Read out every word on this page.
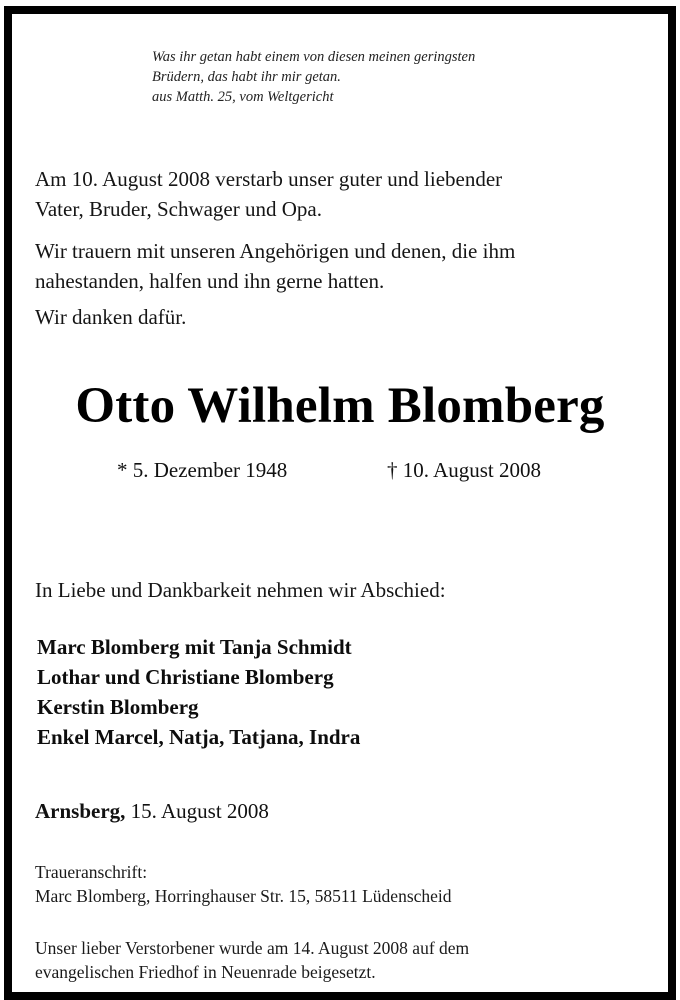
Was ihr getan habt einem von diesen meinen geringsten
Brüdern, das habt ihr mir getan.
aus Matth. 25, vom Weltgericht
Am 10. August 2008 verstarb unser guter und liebender
Vater, Bruder, Schwager und Opa.
Wir trauern mit unseren Angehörigen und denen, die ihm
nahestanden, halfen und ihn gerne hatten.
Wir danken dafür.
Otto Wilhelm Blomberg
* 5. Dezember 1948	† 10. August 2008
In Liebe und Dankbarkeit nehmen wir Abschied:
Marc Blomberg mit Tanja Schmidt
Lothar und Christiane Blomberg
Kerstin Blomberg
Enkel Marcel, Natja, Tatjana, Indra
Arnsberg, 15. August 2008
Traueranschrift:
Marc Blomberg, Horringhauser Str. 15, 58511 Lüdenscheid
Unser lieber Verstorbener wurde am 14. August 2008 auf dem
evangelischen Friedhof in Neuenrade beigesetzt.
